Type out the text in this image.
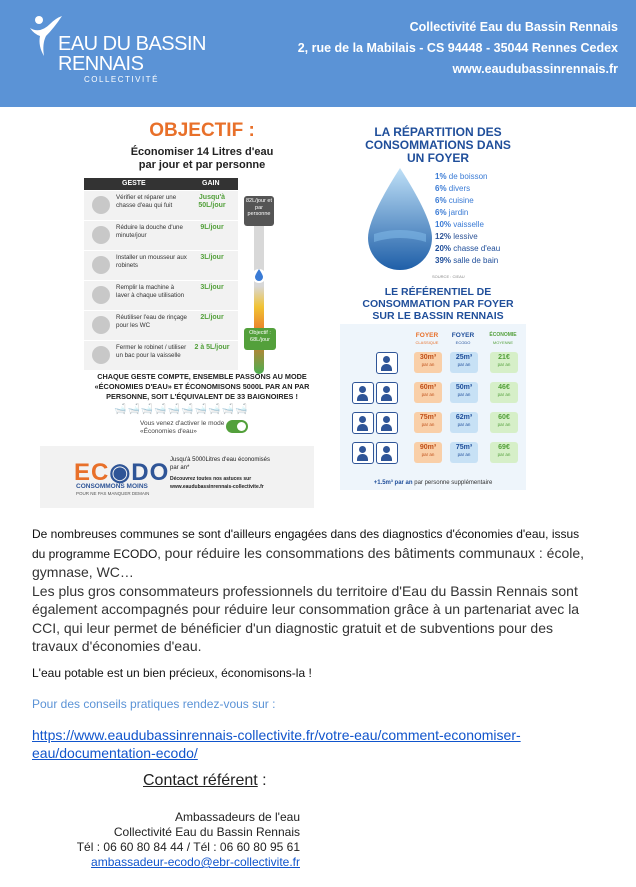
EAU DU BASSIN
RENNAIS
COLLECTIVITÉ
Collectivité Eau du Bassin Rennais
2, rue de la Mabilais - CS 94448 - 35044 Rennes Cedex
www.eaudubassinrennais.fr
OBJECTIF :
Économiser 14 Litres d'eau
par jour et par personne
GESTE	GAIN
Vérifier et réparer une chasse d'eau qui fuit
Jusqu'à 50L/jour
Réduire la douche d'une minute/jour
9L/jour
Installer un mousseur aux robinets
3L/jour
Remplir la machine à laver à chaque utilisation
3L/jour
Réutiliser l'eau de rinçage pour les WC
2L/jour
Fermer le robinet / utiliser un bac pour la vaisselle
2 à 5L/jour
82L/jour et par personne
Objectif : 68L/jour
CHAQUE GESTE COMPTE, ENSEMBLE PASSONS AU MODE «ÉCONOMIES D'EAU» ET ÉCONOMISONS 5000L PAR AN PAR PERSONNE, SOIT L'ÉQUIVALENT DE 33 BAIGNOIRES !
🛁🛁🛁🛁🛁🛁🛁🛁🛁🛁
Vous venez d'activer le mode
«Économies d'eau»
EC◉DO
CONSOMMONS MOINS
POUR NE PAS MANQUER DEMAIN
Jusqu'à 5000Litres d'eau économisés
par an*
Découvrez toutes nos astuces sur
www.eaudubassinrennais-collectivite.fr
LA RÉPARTITION DES
CONSOMMATIONS DANS
UN FOYER
1% de boisson
6% divers
6% cuisine
6% jardin
10% vaisselle
12% lessive
20% chasse d'eau
39% salle de bain
SOURCE : CIEAU
LE RÉFÉRENTIEL DE
CONSOMMATION PAR FOYER
SUR LE BASSIN RENNAIS
FOYER
CLASSIQUE
FOYER
ECODO
ÉCONOMIE
MOYENNE
30m³
par an
25m³
par an
21€
par an
60m³
par an
50m³
par an
46€
par an
75m³
par an
62m³
par an
60€
par an
90m³
par an
75m³
par an
69€
par an
+1.5m³ par an par personne supplémentaire
De nombreuses communes se sont d'ailleurs engagées dans des diagnostics d'économies d'eau, issus du programme ECODO, pour réduire les consommations des bâtiments communaux : école, gymnase, WC…
Les plus gros consommateurs professionnels du territoire d'Eau du Bassin Rennais sont également accompagnés pour réduire leur consommation grâce à un partenariat avec la CCI, qui leur permet de bénéficier d'un diagnostic gratuit et de subventions pour des travaux d'économies d'eau.
L'eau potable est un bien précieux, économisons-la !
Pour des conseils pratiques rendez-vous sur :
https://www.eaudubassinrennais-collectivite.fr/votre-eau/comment-economiser-eau/documentation-ecodo/
Contact référent :
Ambassadeurs de l'eau
Collectivité Eau du Bassin Rennais
Tél : 06 60 80 84 44 / Tél : 06 60 80 95 61
ambassadeur-ecodo@ebr-collectivite.fr
